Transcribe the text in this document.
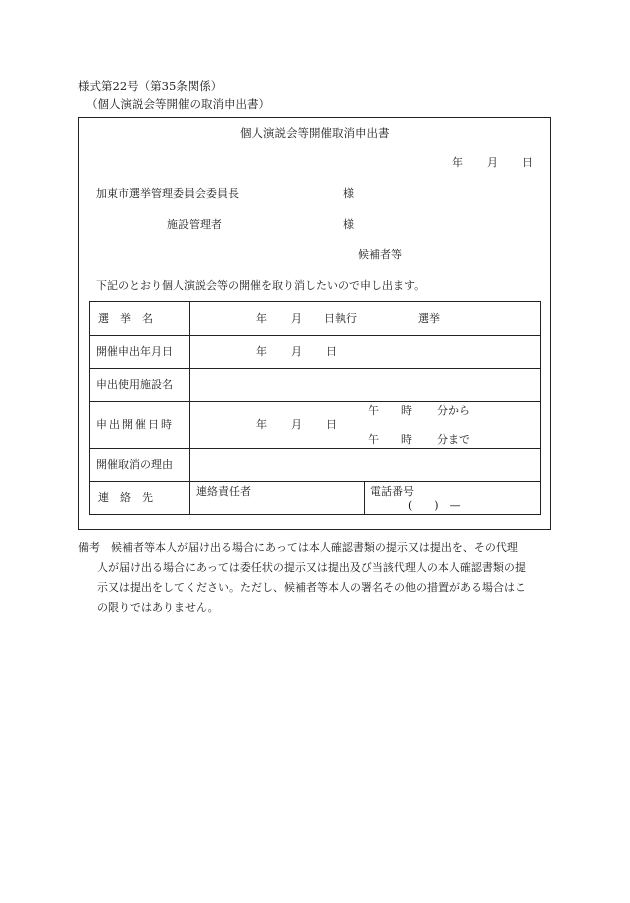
様式第22号（第35条関係）
（個人演説会等開催の取消申出書）
個人演説会等開催取消申出書
年 月 日
加東市選挙管理委員会委員長	様
施設管理者	様
候補者等
下記のとおり個人演説会等の開催を取り消したいので申し出ます。
選　挙　名	年 月 日執行	選挙
開催申出年月日	年 月 日
申出使用施設名
申出開催日時	年 月 日
午 時 分から
午 時 分まで
開催取消の理由
連　絡　先	連絡責任者	電話番号
(　　)　—

備考　候補者等本人が届け出る場合にあっては本人確認書類の提示又は提出を、その代理

人が届け出る場合にあっては委任状の提示又は提出及び当該代理人の本人確認書類の提

示又は提出をしてください。ただし、候補者等本人の署名その他の措置がある場合はこ

の限りではありません。
